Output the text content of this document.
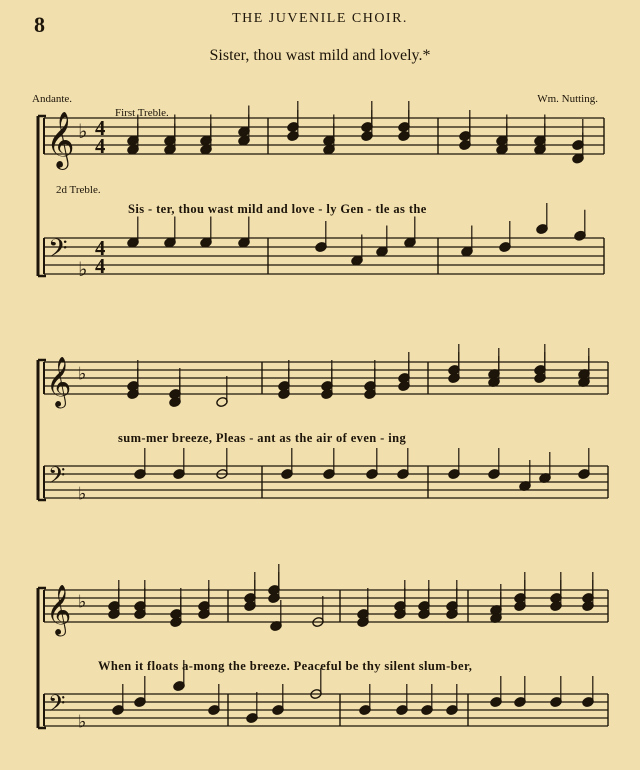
8	THE JUVENILE CHOIR.
Sister, thou wast mild and lovely.*
Andante.	Wm. Nutting.
First Treble.
2d Treble.
Sis - ter, thou wast mild and love - ly Gen - tle as the
sum-mer breeze, Pleas - ant as the air of even - ing
When it floats a-mong the breeze. Peaceful be thy silent slum-ber,
𝄞
𝄢
♭
♭
4
4
4
4
𝄞
𝄢
♭
♭
𝄞
𝄢
♭
♭
